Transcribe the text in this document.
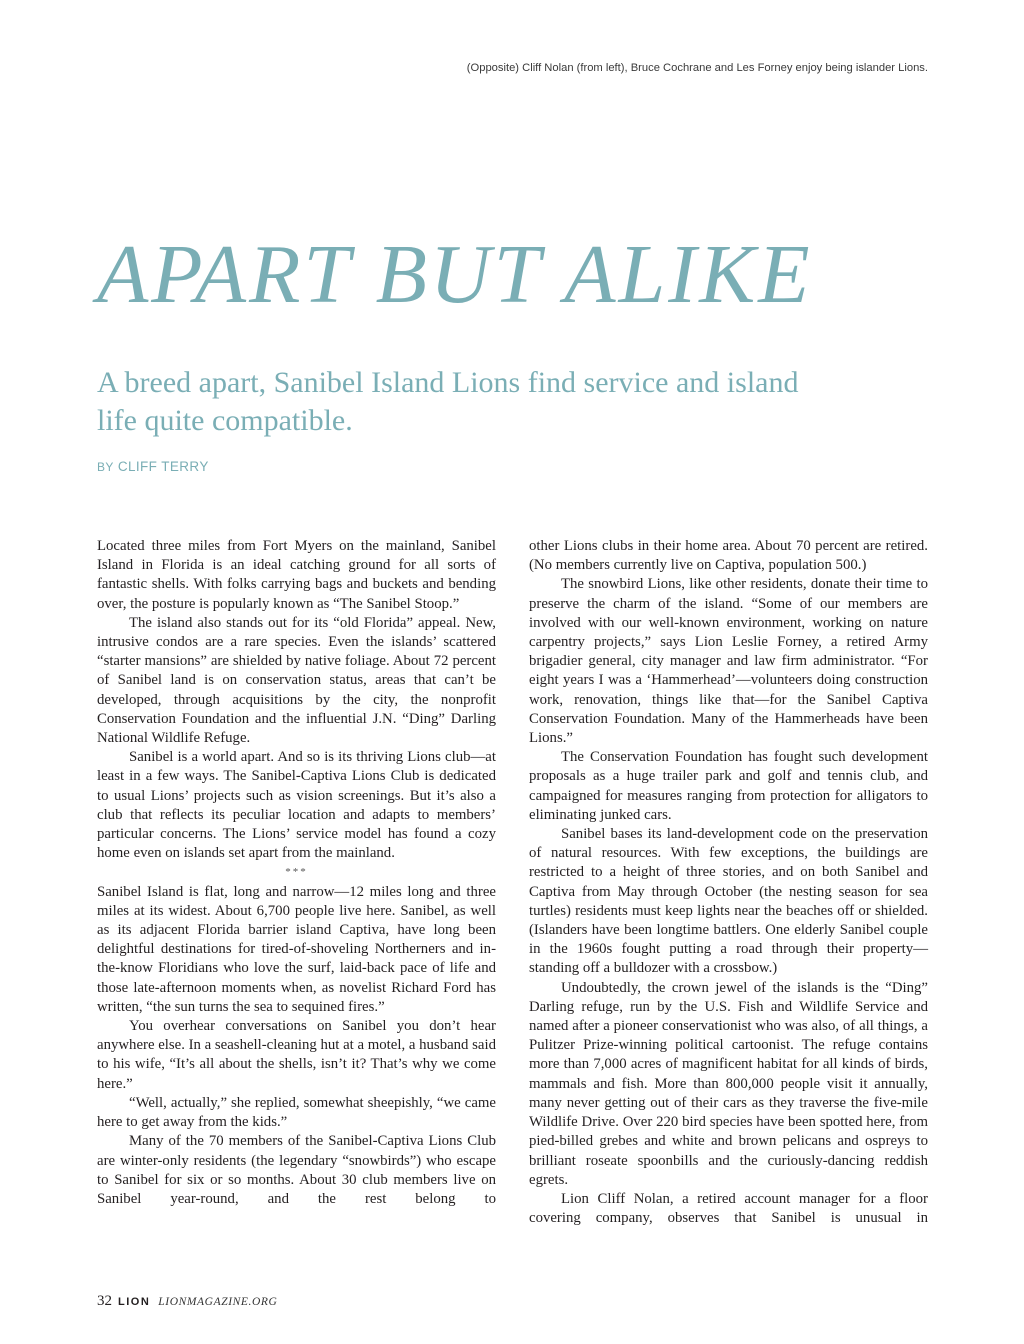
(Opposite) Cliff Nolan (from left), Bruce Cochrane and Les Forney enjoy being islander Lions.
APART BUT ALIKE
A breed apart, Sanibel Island Lions find service and island life quite compatible.
BY CLIFF TERRY

Located three miles from Fort Myers on the mainland, Sanibel Island in Florida is an ideal catching ground for all sorts of fantastic shells. With folks carrying bags and buckets and bending over, the posture is popularly known as “The Sanibel Stoop.”

The island also stands out for its “old Florida” appeal. New, intrusive condos are a rare species. Even the islands’ scattered “starter mansions” are shielded by native foliage. About 72 percent of Sanibel land is on conservation status, areas that can’t be developed, through acquisitions by the city, the nonprofit Conservation Foundation and the influential J.N. “Ding” Darling National Wildlife Refuge.

Sanibel is a world apart. And so is its thriving Lions club—at least in a few ways. The Sanibel-Captiva Lions Club is dedicated to usual Lions’ projects such as vision screenings. But it’s also a club that reflects its peculiar location and adapts to members’ particular concerns. The Lions’ service model has found a cozy home even on islands set apart from the mainland.

***

Sanibel Island is flat, long and narrow—12 miles long and three miles at its widest. About 6,700 people live here. Sanibel, as well as its adjacent Florida barrier island Captiva, have long been delightful destinations for tired-of-shoveling Northerners and in-the-know Floridians who love the surf, laid-back pace of life and those late-afternoon moments when, as novelist Richard Ford has written, “the sun turns the sea to sequined fires.”

You overhear conversations on Sanibel you don’t hear anywhere else. In a seashell-cleaning hut at a motel, a husband said to his wife, “It’s all about the shells, isn’t it? That’s why we come here.”

“Well, actually,” she replied, somewhat sheepishly, “we came here to get away from the kids.”

Many of the 70 members of the Sanibel-Captiva Lions Club are winter-only residents (the legendary “snowbirds”) who escape to Sanibel for six or so months. About 30 club members live on Sanibel year-round, and the rest belong to

other Lions clubs in their home area. About 70 percent are retired. (No members currently live on Captiva, population 500.)

The snowbird Lions, like other residents, donate their time to preserve the charm of the island. “Some of our members are involved with our well-known environment, working on nature carpentry projects,” says Lion Leslie Forney, a retired Army brigadier general, city manager and law firm administrator. “For eight years I was a ‘Hammerhead’—volunteers doing construction work, renovation, things like that—for the Sanibel Captiva Conservation Foundation. Many of the Hammerheads have been Lions.”

The Conservation Foundation has fought such development proposals as a huge trailer park and golf and tennis club, and campaigned for measures ranging from protection for alligators to eliminating junked cars.

Sanibel bases its land-development code on the preservation of natural resources. With few exceptions, the buildings are restricted to a height of three stories, and on both Sanibel and Captiva from May through October (the nesting season for sea turtles) residents must keep lights near the beaches off or shielded. (Islanders have been longtime battlers. One elderly Sanibel couple in the 1960s fought putting a road through their property—standing off a bulldozer with a crossbow.)

Undoubtedly, the crown jewel of the islands is the “Ding” Darling refuge, run by the U.S. Fish and Wildlife Service and named after a pioneer conservationist who was also, of all things, a Pulitzer Prize-winning political cartoonist. The refuge contains more than 7,000 acres of magnificent habitat for all kinds of birds, mammals and fish. More than 800,000 people visit it annually, many never getting out of their cars as they traverse the five-mile Wildlife Drive. Over 220 bird species have been spotted here, from pied-billed grebes and white and brown pelicans and ospreys to brilliant roseate spoonbills and the curiously-dancing reddish egrets.

Lion Cliff Nolan, a retired account manager for a floor covering company, observes that Sanibel is unusual in

32 LION LIONMAGAZINE.ORG
